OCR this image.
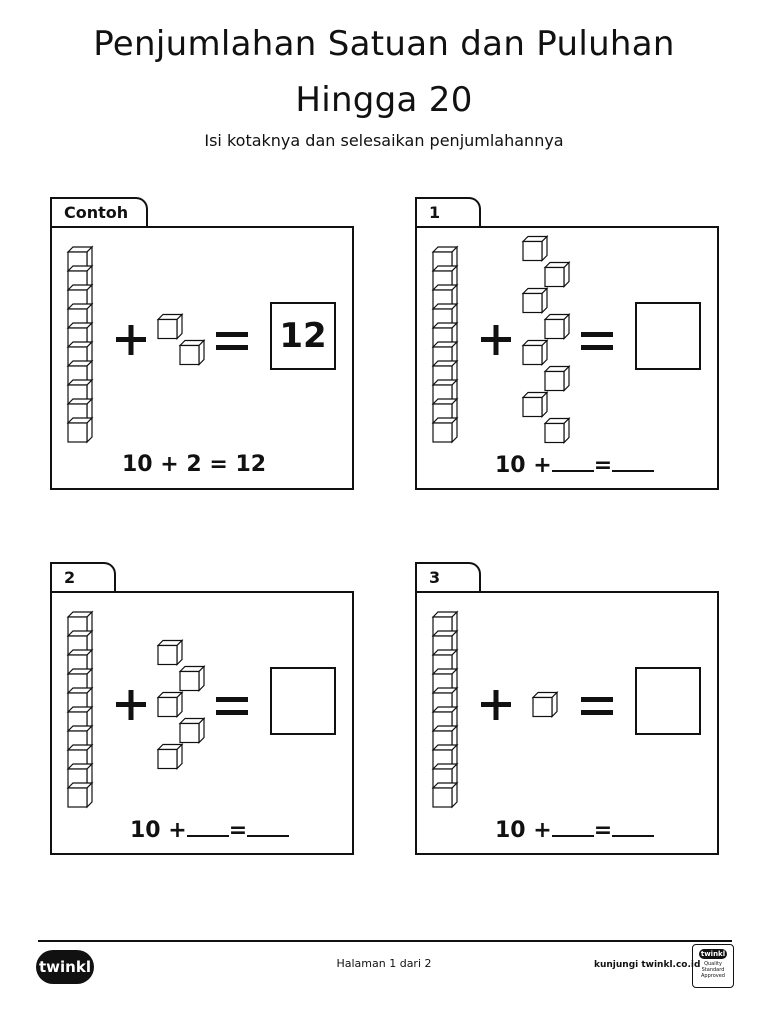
Penjumlahan Satuan dan Puluhan
Hingga 20
Isi kotaknya dan selesaikan penjumlahannya
Contoh
12
10 + 2 = 12
1
10 + =
2
10 + =
3
10 + =
twinkl	Halaman 1 dari 2	kunjungi twinkl.co.id
twinkl
Quality Standard Approved
